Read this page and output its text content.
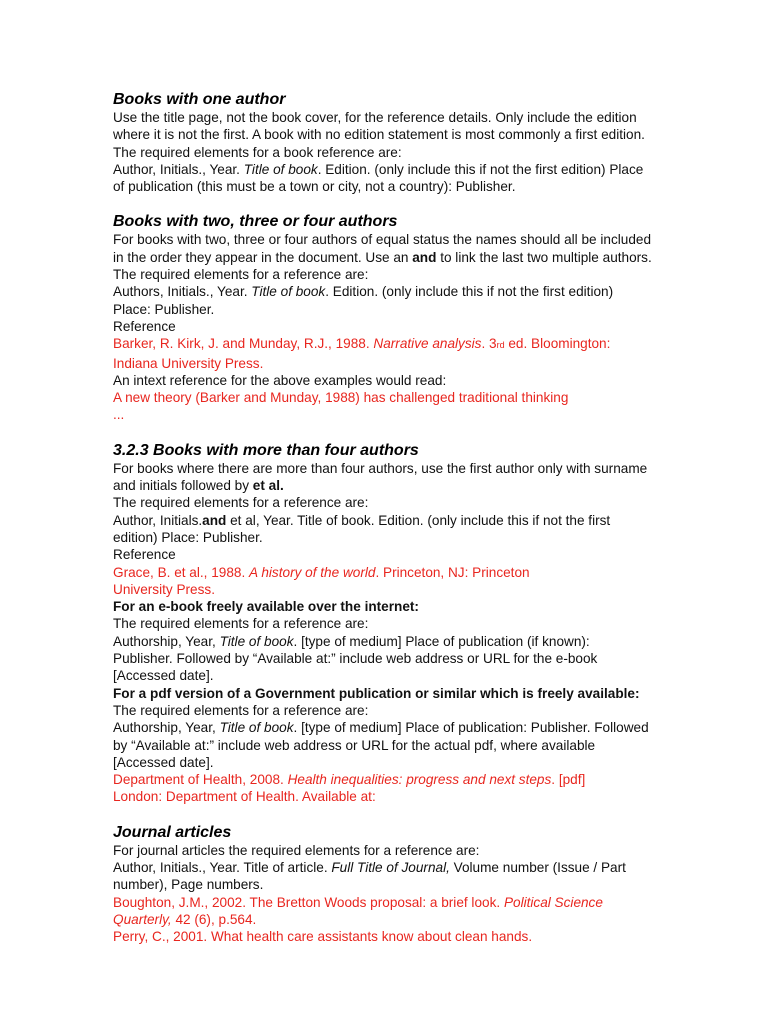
Books with one author

Use the title page, not the book cover, for the reference details. Only include the edition where it is not the first. A book with no edition statement is most commonly a first edition.

The required elements for a book reference are:

Author, Initials., Year. Title of book. Edition. (only include this if not the first edition) Place of publication (this must be a town or city, not a country): Publisher.

Books with two, three or four authors

For books with two, three or four authors of equal status the names should all be included in the order they appear in the document. Use an and to link the last two multiple authors.

The required elements for a reference are:

Authors, Initials., Year. Title of book. Edition. (only include this if not the first edition) Place: Publisher.

Reference

Barker, R. Kirk, J. and Munday, R.J., 1988. Narrative analysis. 3rd ed. Bloomington: Indiana University Press.

An intext reference for the above examples would read:

A new theory (Barker and Munday, 1988) has challenged traditional thinking ...

3.2.3 Books with more than four authors

For books where there are more than four authors, use the first author only with surname and initials followed by et al.

The required elements for a reference are:

Author, Initials.and et al, Year. Title of book. Edition. (only include this if not the first edition) Place: Publisher.

Reference

Grace, B. et al., 1988. A history of the world. Princeton, NJ: Princeton University Press.

For an e-book freely available over the internet:

The required elements for a reference are:

Authorship, Year, Title of book. [type of medium] Place of publication (if known): Publisher. Followed by “Available at:” include web address or URL for the e-book [Accessed date].

For a pdf version of a Government publication or similar which is freely available:

The required elements for a reference are:

Authorship, Year, Title of book. [type of medium] Place of publication: Publisher. Followed by “Available at:” include web address or URL for the actual pdf, where available [Accessed date].

Department of Health, 2008. Health inequalities: progress and next steps. [pdf] London: Department of Health. Available at:

Journal articles

For journal articles the required elements for a reference are:

Author, Initials., Year. Title of article. Full Title of Journal, Volume number (Issue / Part number), Page numbers.

Boughton, J.M., 2002. The Bretton Woods proposal: a brief look. Political Science Quarterly, 42 (6), p.564.

Perry, C., 2001. What health care assistants know about clean hands.
